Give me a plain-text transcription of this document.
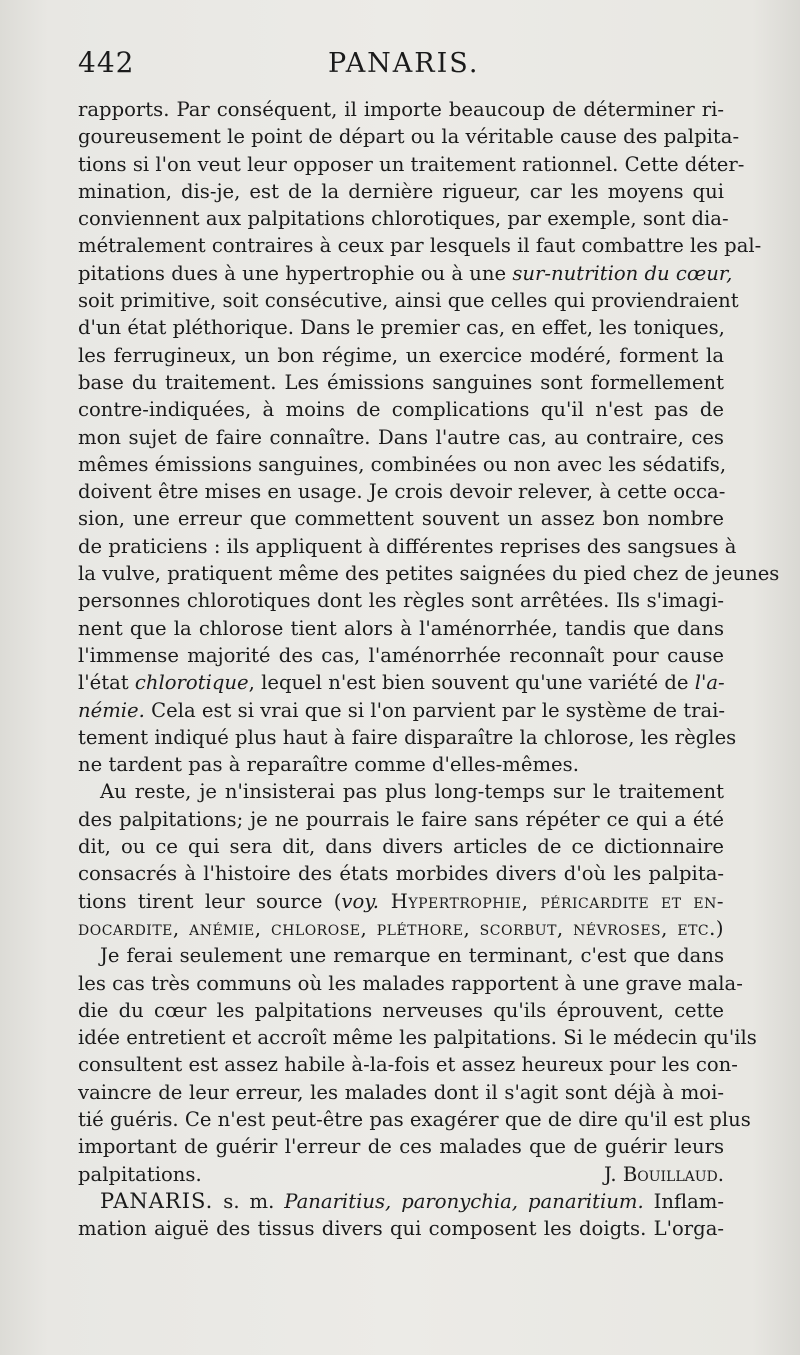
442	PANARIS.
rapports. Par conséquent, il importe beaucoup de déterminer ri-
goureusement le point de départ ou la véritable cause des palpita-
tions si l'on veut leur opposer un traitement rationnel. Cette déter-
mination, dis-je, est de la dernière rigueur, car les moyens qui
conviennent aux palpitations chlorotiques, par exemple, sont dia-
métralement contraires à ceux par lesquels il faut combattre les pal-
pitations dues à une hypertrophie ou à une sur-nutrition du cœur,
soit primitive, soit consécutive, ainsi que celles qui proviendraient
d'un état pléthorique. Dans le premier cas, en effet, les toniques,
les ferrugineux, un bon régime, un exercice modéré, forment la
base du traitement. Les émissions sanguines sont formellement
contre-indiquées, à moins de complications qu'il n'est pas de
mon sujet de faire connaître. Dans l'autre cas, au contraire, ces
mêmes émissions sanguines, combinées ou non avec les sédatifs,
doivent être mises en usage. Je crois devoir relever, à cette occa-
sion, une erreur que commettent souvent un assez bon nombre
de praticiens : ils appliquent à différentes reprises des sangsues à
la vulve, pratiquent même des petites saignées du pied chez de jeunes
personnes chlorotiques dont les règles sont arrêtées. Ils s'imagi-
nent que la chlorose tient alors à l'aménorrhée, tandis que dans
l'immense majorité des cas, l'aménorrhée reconnaît pour cause
l'état chlorotique, lequel n'est bien souvent qu'une variété de l'a-
némie. Cela est si vrai que si l'on parvient par le système de trai-
tement indiqué plus haut à faire disparaître la chlorose, les règles
ne tardent pas à reparaître comme d'elles-mêmes.
Au reste, je n'insisterai pas plus long-temps sur le traitement
des palpitations; je ne pourrais le faire sans répéter ce qui a été
dit, ou ce qui sera dit, dans divers articles de ce dictionnaire
consacrés à l'histoire des états morbides divers d'où les palpita-
tions tirent leur source (voy. Hypertrophie, péricardite et en-
docardite, anémie, chlorose, pléthore, scorbut, névroses, etc.)
Je ferai seulement une remarque en terminant, c'est que dans
les cas très communs où les malades rapportent à une grave mala-
die du cœur les palpitations nerveuses qu'ils éprouvent, cette
idée entretient et accroît même les palpitations. Si le médecin qu'ils
consultent est assez habile à-la-fois et assez heureux pour les con-
vaincre de leur erreur, les malades dont il s'agit sont déjà à moi-
tié guéris. Ce n'est peut-être pas exagérer que de dire qu'il est plus
important de guérir l'erreur de ces malades que de guérir leurs
palpitations.	J. Bouillaud.
PANARIS. s. m. Panaritius, paronychia, panaritium. Inflam-
mation aiguë des tissus divers qui composent les doigts. L'orga-
